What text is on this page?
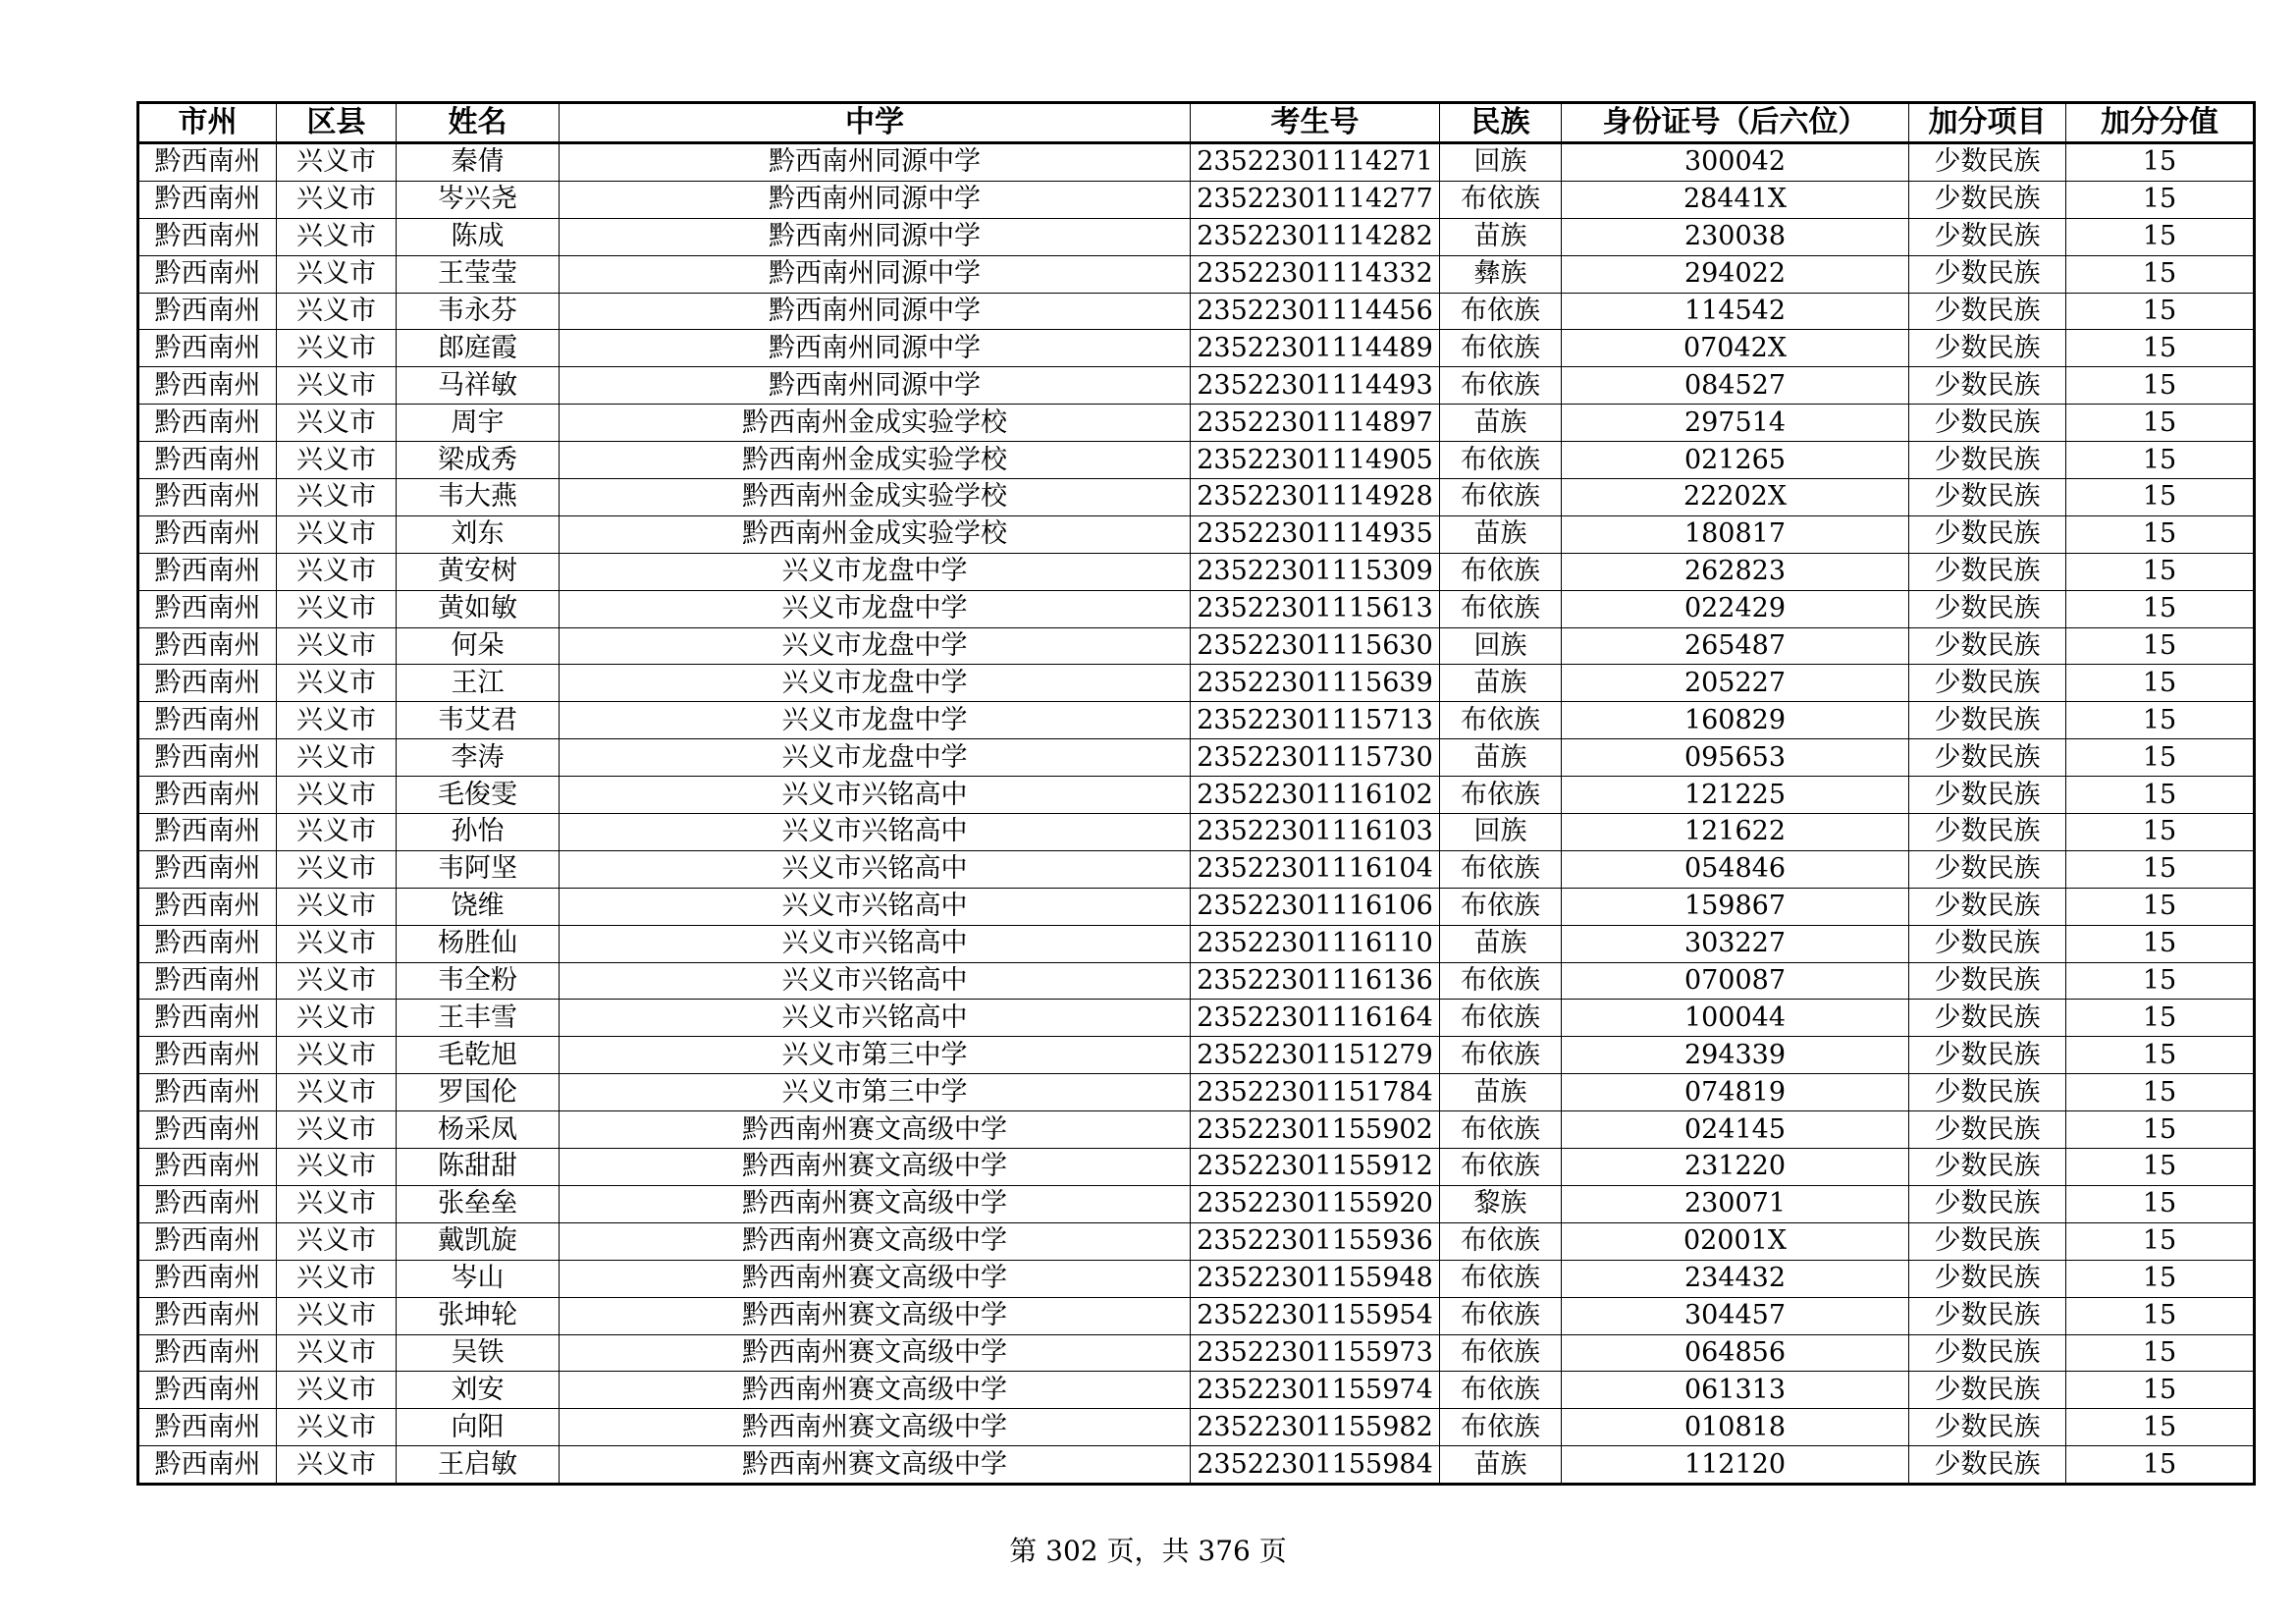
市州	区县	姓名	中学	考生号	民族	身份证号（后六位）	加分项目	加分分值
黔西南州	兴义市	秦倩	黔西南州同源中学	23522301114271	回族	300042	少数民族	15
黔西南州	兴义市	岑兴尧	黔西南州同源中学	23522301114277	布依族	28441X	少数民族	15
黔西南州	兴义市	陈成	黔西南州同源中学	23522301114282	苗族	230038	少数民族	15
黔西南州	兴义市	王莹莹	黔西南州同源中学	23522301114332	彝族	294022	少数民族	15
黔西南州	兴义市	韦永芬	黔西南州同源中学	23522301114456	布依族	114542	少数民族	15
黔西南州	兴义市	郎庭霞	黔西南州同源中学	23522301114489	布依族	07042X	少数民族	15
黔西南州	兴义市	马祥敏	黔西南州同源中学	23522301114493	布依族	084527	少数民族	15
黔西南州	兴义市	周宇	黔西南州金成实验学校	23522301114897	苗族	297514	少数民族	15
黔西南州	兴义市	梁成秀	黔西南州金成实验学校	23522301114905	布依族	021265	少数民族	15
黔西南州	兴义市	韦大燕	黔西南州金成实验学校	23522301114928	布依族	22202X	少数民族	15
黔西南州	兴义市	刘东	黔西南州金成实验学校	23522301114935	苗族	180817	少数民族	15
黔西南州	兴义市	黄安树	兴义市龙盘中学	23522301115309	布依族	262823	少数民族	15
黔西南州	兴义市	黄如敏	兴义市龙盘中学	23522301115613	布依族	022429	少数民族	15
黔西南州	兴义市	何朵	兴义市龙盘中学	23522301115630	回族	265487	少数民族	15
黔西南州	兴义市	王江	兴义市龙盘中学	23522301115639	苗族	205227	少数民族	15
黔西南州	兴义市	韦艾君	兴义市龙盘中学	23522301115713	布依族	160829	少数民族	15
黔西南州	兴义市	李涛	兴义市龙盘中学	23522301115730	苗族	095653	少数民族	15
黔西南州	兴义市	毛俊雯	兴义市兴铭高中	23522301116102	布依族	121225	少数民族	15
黔西南州	兴义市	孙怡	兴义市兴铭高中	23522301116103	回族	121622	少数民族	15
黔西南州	兴义市	韦阿坚	兴义市兴铭高中	23522301116104	布依族	054846	少数民族	15
黔西南州	兴义市	饶维	兴义市兴铭高中	23522301116106	布依族	159867	少数民族	15
黔西南州	兴义市	杨胜仙	兴义市兴铭高中	23522301116110	苗族	303227	少数民族	15
黔西南州	兴义市	韦全粉	兴义市兴铭高中	23522301116136	布依族	070087	少数民族	15
黔西南州	兴义市	王丰雪	兴义市兴铭高中	23522301116164	布依族	100044	少数民族	15
黔西南州	兴义市	毛乾旭	兴义市第三中学	23522301151279	布依族	294339	少数民族	15
黔西南州	兴义市	罗国伦	兴义市第三中学	23522301151784	苗族	074819	少数民族	15
黔西南州	兴义市	杨采凤	黔西南州赛文高级中学	23522301155902	布依族	024145	少数民族	15
黔西南州	兴义市	陈甜甜	黔西南州赛文高级中学	23522301155912	布依族	231220	少数民族	15
黔西南州	兴义市	张垒垒	黔西南州赛文高级中学	23522301155920	黎族	230071	少数民族	15
黔西南州	兴义市	戴凯旋	黔西南州赛文高级中学	23522301155936	布依族	02001X	少数民族	15
黔西南州	兴义市	岑山	黔西南州赛文高级中学	23522301155948	布依族	234432	少数民族	15
黔西南州	兴义市	张坤轮	黔西南州赛文高级中学	23522301155954	布依族	304457	少数民族	15
黔西南州	兴义市	吴铁	黔西南州赛文高级中学	23522301155973	布依族	064856	少数民族	15
黔西南州	兴义市	刘安	黔西南州赛文高级中学	23522301155974	布依族	061313	少数民族	15
黔西南州	兴义市	向阳	黔西南州赛文高级中学	23522301155982	布依族	010818	少数民族	15
黔西南州	兴义市	王启敏	黔西南州赛文高级中学	23522301155984	苗族	112120	少数民族	15
第 302 页，共 376 页
